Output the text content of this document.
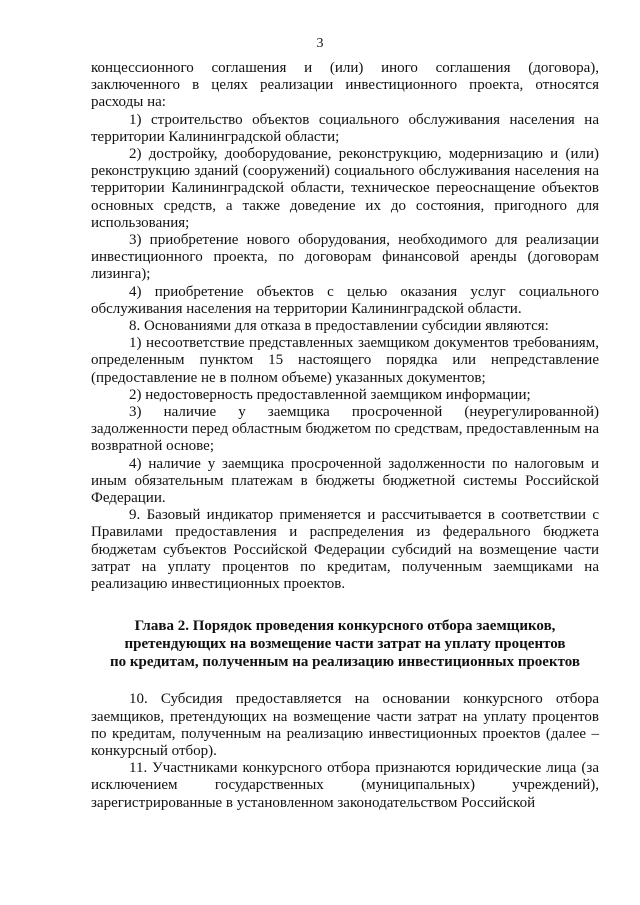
3

концессионного соглашения и (или) иного соглашения (договора), заключенного в целях реализации инвестиционного проекта, относятся расходы на:

1) строительство объектов социального обслуживания населения на территории Калининградской области;

2) достройку, дооборудование, реконструкцию, модернизацию и (или) реконструкцию зданий (сооружений) социального обслуживания населения на территории Калининградской области, техническое переоснащение объектов основных средств, а также доведение их до состояния, пригодного для использования;

3) приобретение нового оборудования, необходимого для реализации инвестиционного проекта, по договорам финансовой аренды (договорам лизинга);

4) приобретение объектов с целью оказания услуг социального обслуживания населения на территории Калининградской области.

8. Основаниями для отказа в предоставлении субсидии являются:

1) несоответствие представленных заемщиком документов требованиям, определенным пунктом 15 настоящего порядка или непредставление (предоставление не в полном объеме) указанных документов;

2) недостоверность предоставленной заемщиком информации;

3) наличие у заемщика просроченной (неурегулированной) задолженности перед областным бюджетом по средствам, предоставленным на возвратной основе;

4) наличие у заемщика просроченной задолженности по налоговым и иным обязательным платежам в бюджеты бюджетной системы Российской Федерации.

9. Базовый индикатор применяется и рассчитывается в соответствии с Правилами предоставления и распределения из федерального бюджета бюджетам субъектов Российской Федерации субсидий на возмещение части затрат на уплату процентов по кредитам, полученным заемщиками на реализацию инвестиционных проектов.

Глава 2. Порядок проведения конкурсного отбора заемщиков,
претендующих на возмещение части затрат на уплату процентов
по кредитам, полученным на реализацию инвестиционных проектов

10. Субсидия предоставляется на основании конкурсного отбора заемщиков, претендующих на возмещение части затрат на уплату процентов по кредитам, полученным на реализацию инвестиционных проектов (далее – конкурсный отбор).

11. Участниками конкурсного отбора признаются юридические лица (за исключением государственных (муниципальных) учреждений), зарегистрированные в установленном законодательством Российской
